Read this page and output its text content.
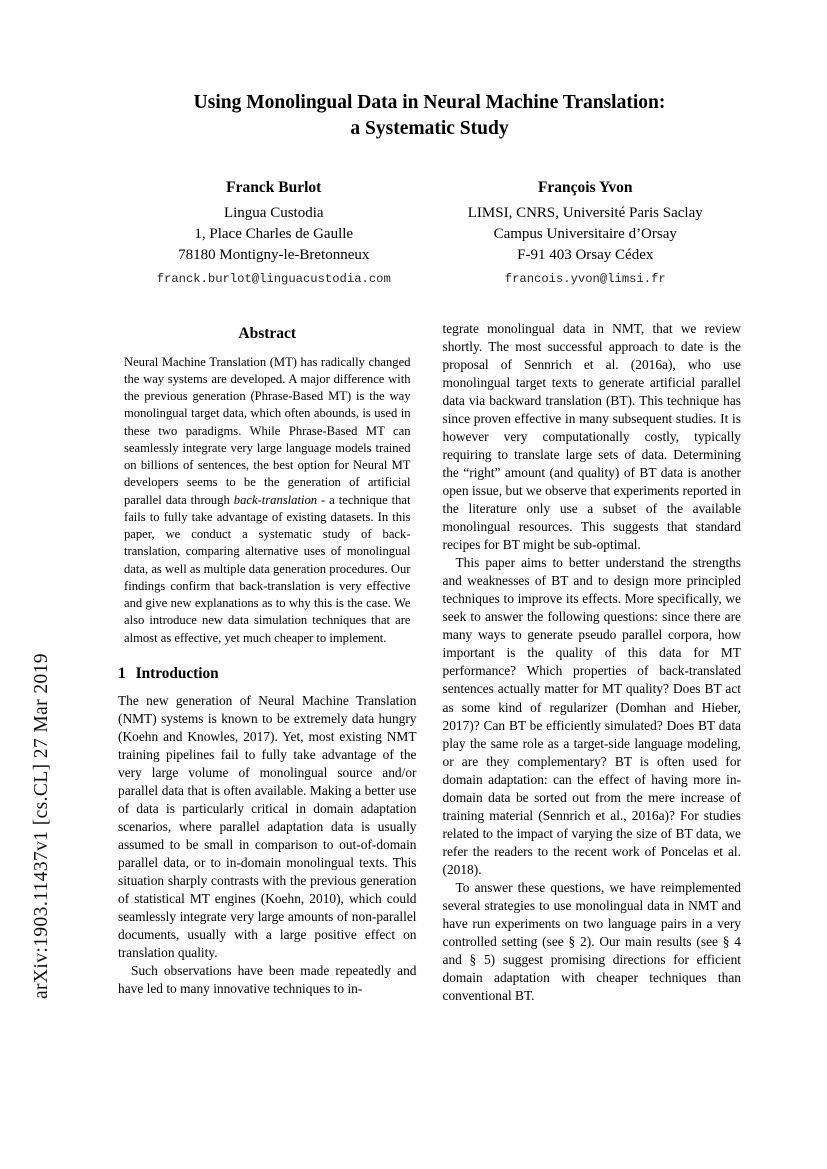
arXiv:1903.11437v1 [cs.CL] 27 Mar 2019
Using Monolingual Data in Neural Machine Translation:
a Systematic Study
Franck Burlot
Lingua Custodia
1, Place Charles de Gaulle
78180 Montigny-le-Bretonneux
franck.burlot@linguacustodia.com
François Yvon
LIMSI, CNRS, Université Paris Saclay
Campus Universitaire d’Orsay
F-91 403 Orsay Cédex
francois.yvon@limsi.fr
Abstract
Neural Machine Translation (MT) has radically changed the way systems are developed. A major difference with the previous generation (Phrase-Based MT) is the way monolingual target data, which often abounds, is used in these two paradigms. While Phrase-Based MT can seamlessly integrate very large language models trained on billions of sentences, the best option for Neural MT developers seems to be the generation of artificial parallel data through back-translation - a technique that fails to fully take advantage of existing datasets. In this paper, we conduct a systematic study of back-translation, comparing alternative uses of monolingual data, as well as multiple data generation procedures. Our findings confirm that back-translation is very effective and give new explanations as to why this is the case. We also introduce new data simulation techniques that are almost as effective, yet much cheaper to implement.
1 Introduction

The new generation of Neural Machine Translation (NMT) systems is known to be extremely data hungry (Koehn and Knowles, 2017). Yet, most existing NMT training pipelines fail to fully take advantage of the very large volume of monolingual source and/or parallel data that is often available. Making a better use of data is particularly critical in domain adaptation scenarios, where parallel adaptation data is usually assumed to be small in comparison to out-of-domain parallel data, or to in-domain monolingual texts. This situation sharply contrasts with the previous generation of statistical MT engines (Koehn, 2010), which could seamlessly integrate very large amounts of non-parallel documents, usually with a large positive effect on translation quality.

Such observations have been made repeatedly and have led to many innovative techniques to in-

tegrate monolingual data in NMT, that we review shortly. The most successful approach to date is the proposal of Sennrich et al. (2016a), who use monolingual target texts to generate artificial parallel data via backward translation (BT). This technique has since proven effective in many subsequent studies. It is however very computationally costly, typically requiring to translate large sets of data. Determining the “right” amount (and quality) of BT data is another open issue, but we observe that experiments reported in the literature only use a subset of the available monolingual resources. This suggests that standard recipes for BT might be sub-optimal.

This paper aims to better understand the strengths and weaknesses of BT and to design more principled techniques to improve its effects. More specifically, we seek to answer the following questions: since there are many ways to generate pseudo parallel corpora, how important is the quality of this data for MT performance? Which properties of back-translated sentences actually matter for MT quality? Does BT act as some kind of regularizer (Domhan and Hieber, 2017)? Can BT be efficiently simulated? Does BT data play the same role as a target-side language modeling, or are they complementary? BT is often used for domain adaptation: can the effect of having more in-domain data be sorted out from the mere increase of training material (Sennrich et al., 2016a)? For studies related to the impact of varying the size of BT data, we refer the readers to the recent work of Poncelas et al. (2018).

To answer these questions, we have reimplemented several strategies to use monolingual data in NMT and have run experiments on two language pairs in a very controlled setting (see § 2). Our main results (see § 4 and § 5) suggest promising directions for efficient domain adaptation with cheaper techniques than conventional BT.
